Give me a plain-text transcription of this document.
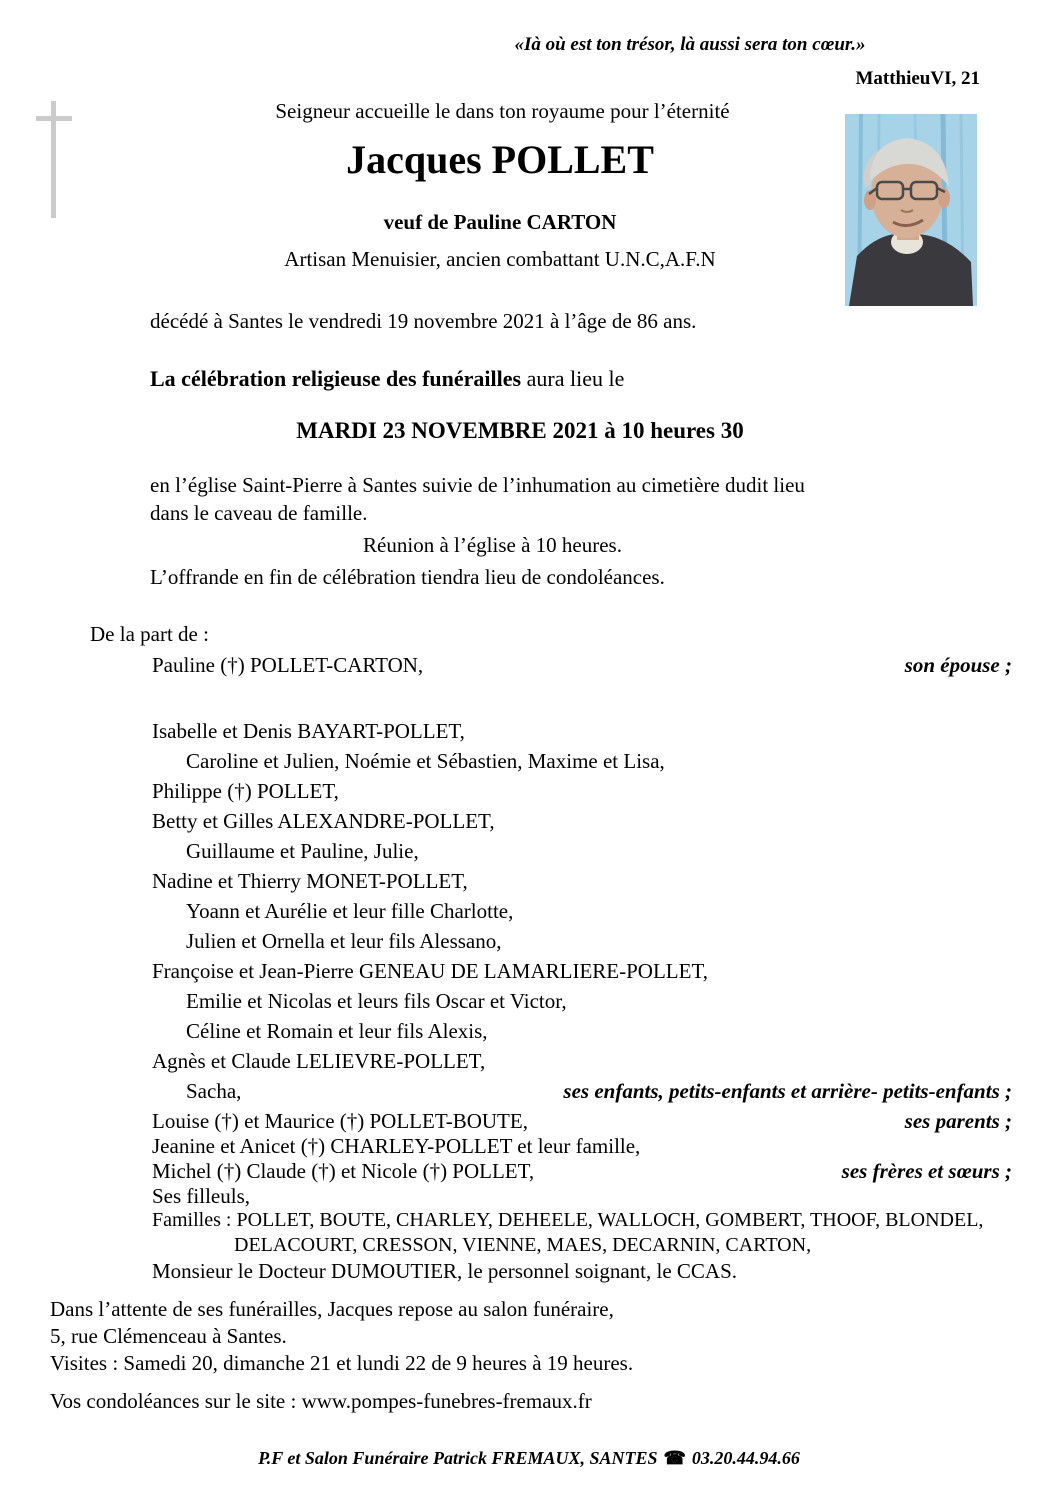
«Ià où est ton trésor, là aussi sera ton cœur.»
MatthieuVI, 21
Seigneur accueille le dans ton royaume pour l’éternité
Jacques POLLET
veuf de Pauline CARTON
Artisan Menuisier, ancien combattant U.N.C,A.F.N
décédé à Santes le vendredi 19 novembre 2021 à l’âge de 86 ans.
La célébration religieuse des funérailles aura lieu le
MARDI 23 NOVEMBRE 2021 à 10 heures 30
en l’église Saint-Pierre à Santes suivie de l’inhumation au cimetière dudit lieu
dans le caveau de famille.
Réunion à l’église à 10 heures.
L’offrande en fin de célébration tiendra lieu de condoléances.
De la part de :
Pauline (†) POLLET-CARTON,	son épouse ;
Isabelle et Denis BAYART-POLLET,
Caroline et Julien, Noémie et Sébastien, Maxime et Lisa,
Philippe (†) POLLET,
Betty et Gilles ALEXANDRE-POLLET,
Guillaume et Pauline, Julie,
Nadine et Thierry MONET-POLLET,
Yoann et Aurélie et leur fille Charlotte,
Julien et Ornella et leur fils Alessano,
Françoise et Jean-Pierre GENEAU DE LAMARLIERE-POLLET,
Emilie et Nicolas et leurs fils Oscar et Victor,
Céline et Romain et leur fils Alexis,
Agnès et Claude LELIEVRE-POLLET,
Sacha,	ses enfants, petits-enfants et arrière- petits-enfants ;
Louise (†) et Maurice (†) POLLET-BOUTE,	ses parents ;
Jeanine et Anicet (†) CHARLEY-POLLET et leur famille,
Michel (†) Claude (†) et Nicole (†) POLLET,	ses frères et sœurs ;
Ses filleuls,
Familles : POLLET, BOUTE, CHARLEY, DEHEELE, WALLOCH, GOMBERT, THOOF, BLONDEL,
DELACOURT, CRESSON, VIENNE, MAES, DECARNIN, CARTON,
Monsieur le Docteur DUMOUTIER, le personnel soignant, le CCAS.
Dans l’attente de ses funérailles, Jacques repose au salon funéraire,
5, rue Clémenceau à Santes.
Visites : Samedi 20, dimanche 21 et lundi 22 de 9 heures à 19 heures.
Vos condoléances sur le site : www.pompes-funebres-fremaux.fr
P.F et Salon Funéraire Patrick FREMAUX, SANTES ☎ 03.20.44.94.66
